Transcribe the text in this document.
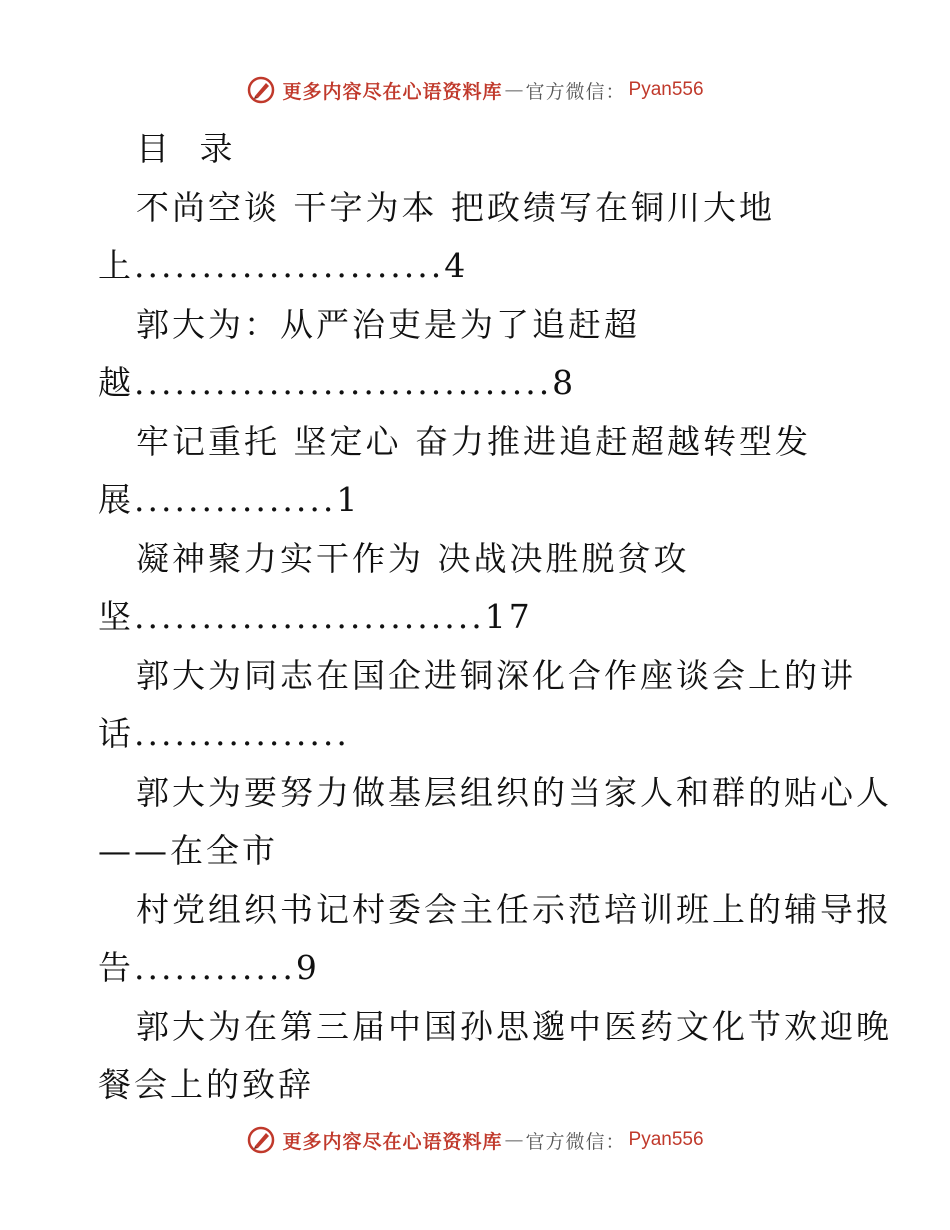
更多内容尽在心语资料库 — 官方微信 ： Pyan556
目 录
不尚空谈 干字为本 把政绩写在铜川大地
上.......................4
郭大为：从严治吏是为了追赶超
越...............................8
牢记重托 坚定心 奋力推进追赶超越转型发
展...............1
凝神聚力实干作为 决战决胜脱贫攻
坚..........................17
郭大为同志在国企进铜深化合作座谈会上的讲
话................
郭大为要努力做基层组织的当家人和群的贴心人
——在全市
村党组织书记村委会主任示范培训班上的辅导报
告............9
郭大为在第三届中国孙思邈中医药文化节欢迎晚
餐会上的致辞
更多内容尽在心语资料库 — 官方微信 ： Pyan556
